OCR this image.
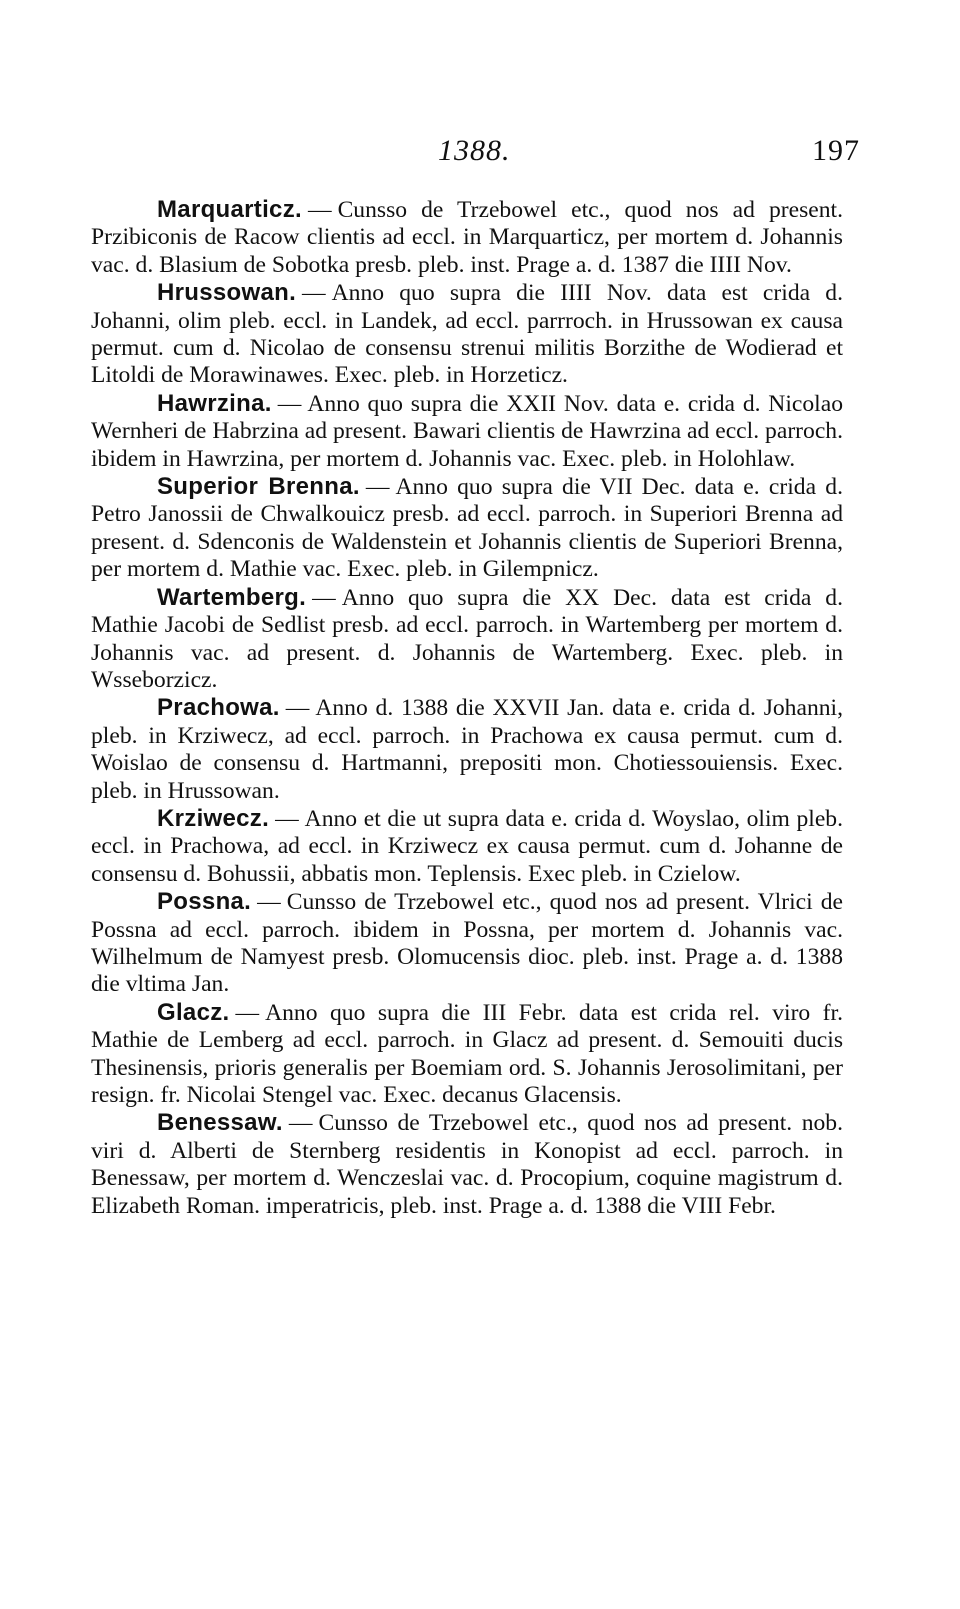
1388.	197

Marquarticz. — Cunsso de Trzebowel etc., quod nos ad present. Przibiconis de Racow clientis ad eccl. in Marquarticz, per mortem d. Johannis vac. d. Blasium de Sobotka presb. pleb. inst. Prage a. d. 1387 die IIII Nov.

Hrussowan. — Anno quo supra die IIII Nov. data est crida d. Johanni, olim pleb. eccl. in Landek, ad eccl. parrroch. in Hrussowan ex causa permut. cum d. Nicolao de consensu strenui militis Borzithe de Wodierad et Litoldi de Morawinawes. Exec. pleb. in Horzeticz.

Hawrzina. — Anno quo supra die XXII Nov. data e. crida d. Nicolao Wernheri de Habrzina ad present. Bawari clientis de Hawrzina ad eccl. parroch. ibidem in Hawrzina, per mortem d. Johannis vac. Exec. pleb. in Holohlaw.

Superior Brenna. — Anno quo supra die VII Dec. data e. crida d. Petro Janossii de Chwalkouicz presb. ad eccl. parroch. in Superiori Brenna ad present. d. Sdenconis de Waldenstein et Johannis clientis de Superiori Brenna, per mortem d. Mathie vac. Exec. pleb. in Gilempnicz.

Wartemberg. — Anno quo supra die XX Dec. data est crida d. Mathie Jacobi de Sedlist presb. ad eccl. parroch. in Wartemberg per mortem d. Johannis vac. ad present. d. Johannis de Wartemberg. Exec. pleb. in Wsseborzicz.

Prachowa. — Anno d. 1388 die XXVII Jan. data e. crida d. Johanni, pleb. in Krziwecz, ad eccl. parroch. in Prachowa ex causa permut. cum d. Woislao de consensu d. Hartmanni, prepositi mon. Chotiessouiensis. Exec. pleb. in Hrussowan.

Krziwecz. — Anno et die ut supra data e. crida d. Woyslao, olim pleb. eccl. in Prachowa, ad eccl. in Krziwecz ex causa permut. cum d. Johanne de consensu d. Bohussii, abbatis mon. Teplensis. Exec pleb. in Czielow.

Possna. — Cunsso de Trzebowel etc., quod nos ad present. Vlrici de Possna ad eccl. parroch. ibidem in Possna, per mortem d. Johannis vac. Wilhelmum de Namyest presb. Olomucensis dioc. pleb. inst. Prage a. d. 1388 die vltima Jan.

Glacz. — Anno quo supra die III Febr. data est crida rel. viro fr. Mathie de Lemberg ad eccl. parroch. in Glacz ad present. d. Semouiti ducis Thesinensis, prioris generalis per Boemiam ord. S. Johannis Jerosolimitani, per resign. fr. Nicolai Stengel vac. Exec. decanus Glacensis.

Benessaw. — Cunsso de Trzebowel etc., quod nos ad present. nob. viri d. Alberti de Sternberg residentis in Konopist ad eccl. parroch. in Benessaw, per mortem d. Wenczeslai vac. d. Procopium, coquine magistrum d. Elizabeth Roman. imperatricis, pleb. inst. Prage a. d. 1388 die VIII Febr.
